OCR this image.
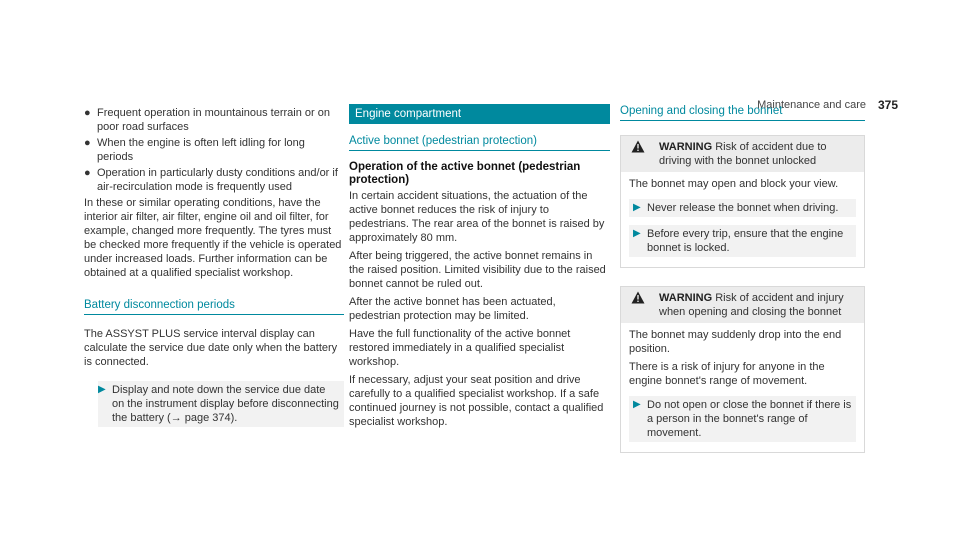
Maintenance and care 375
● Frequent operation in mountainous terrain or on poor road surfaces
● When the engine is often left idling for long periods
● Operation in particularly dusty conditions and/or if air-recirculation mode is frequently used

In these or similar operating conditions, have the interior air filter, air filter, engine oil and oil filter, for example, changed more frequently. The tyres must be checked more frequently if the vehicle is operated under increased loads. Further information can be obtained at a qualified specialist workshop.

Battery disconnection periods

The ASSYST PLUS service interval display can calculate the service due date only when the battery is connected.

▶ Display and note down the service due date on the instrument display before disconnecting the battery (→ page 374).
Engine compartment
Active bonnet (pedestrian protection)
Operation of the active bonnet (pedestrian protection)

In certain accident situations, the actuation of the active bonnet reduces the risk of injury to pedestrians. The rear area of the bonnet is raised by approximately 80 mm.

After being triggered, the active bonnet remains in the raised position. Limited visibility due to the raised bonnet cannot be ruled out.

After the active bonnet has been actuated, pedestrian protection may be limited.

Have the full functionality of the active bonnet restored immediately in a qualified specialist workshop.

If necessary, adjust your seat position and drive carefully to a qualified specialist workshop. If a safe continued journey is not possible, contact a qualified specialist workshop.

Opening and closing the bonnet
WARNING Risk of accident due to driving with the bonnet unlocked

The bonnet may open and block your view.

▶ Never release the bonnet when driving.
▶ Before every trip, ensure that the engine bonnet is locked.
WARNING Risk of accident and injury when opening and closing the bonnet

The bonnet may suddenly drop into the end position.

There is a risk of injury for anyone in the engine bonnet's range of movement.

▶ Do not open or close the bonnet if there is a person in the bonnet's range of movement.
